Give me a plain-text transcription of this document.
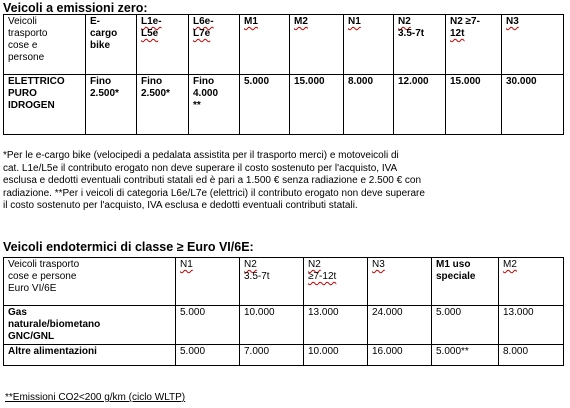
Veicoli a emissioni zero:
Veicoli
trasporto
cose e
persone	E-
cargo
bike	L1e-
L5e	L6e-
L7e	M1	M2	N1	N2
3.5-7t	N2 ≥7-
12t	N3

ELETTRICO
PURO
IDROGEN	Fino
2.500*	Fino
2.500*	Fino
4.000
**	5.000	15.000	8.000	12.000	15.000	30.000

*Per le e-cargo bike (velocipedi a pedalata assistita per il trasporto merci) e motoveicoli di

cat. L1e/L5e il contributo erogato non deve superare il costo sostenuto per l'acquisto, IVA

esclusa e dedotti eventuali contributi statali ed è pari a 1.500 € senza radiazione e 2.500 € con

radiazione. **Per i veicoli di categoria L6e/L7e (elettrici) il contributo erogato non deve superare

il costo sostenuto per l'acquisto, IVA esclusa e dedotti eventuali contributi statali.

Veicoli endotermici di classe ≥ Euro VI/6E:
Veicoli trasporto
cose e persone
Euro VI/6E	N1	N2
3.5-7t	N2
≥7-12t	N3	M1 uso
speciale	M2

Gas
naturale/biometano
GNC/GNL	5.000	10.000	13.000	24.000	5.000	13.000

Altre alimentazioni	5.000	7.000	10.000	16.000	5.000**	8.000
**Emissioni CO2<200 g/km (ciclo WLTP)
